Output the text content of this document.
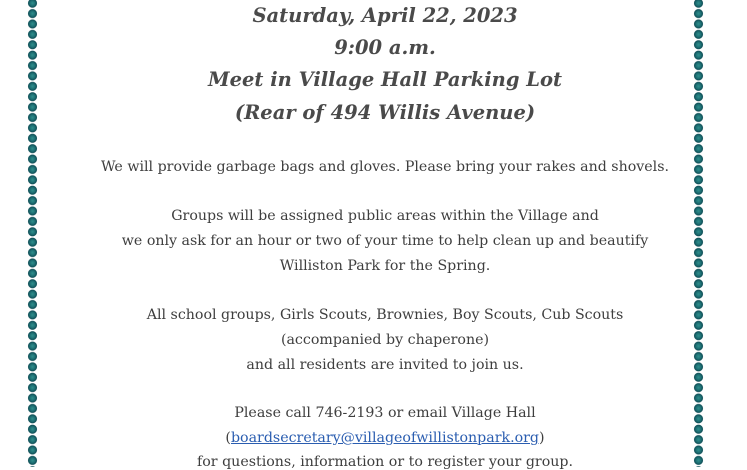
Saturday, April 22, 2023
9:00 a.m.
Meet in Village Hall Parking Lot
(Rear of 494 Willis Avenue)
We will provide garbage bags and gloves. Please bring your rakes and shovels.
Groups will be assigned public areas within the Village and
we only ask for an hour or two of your time to help clean up and beautify
Williston Park for the Spring.
All school groups, Girls Scouts, Brownies, Boy Scouts, Cub Scouts
(accompanied by chaperone)
and all residents are invited to join us.
Please call 746-2193 or email Village Hall
(boardsecretary@villageofwillistonpark.org)
for questions, information or to register your group.
